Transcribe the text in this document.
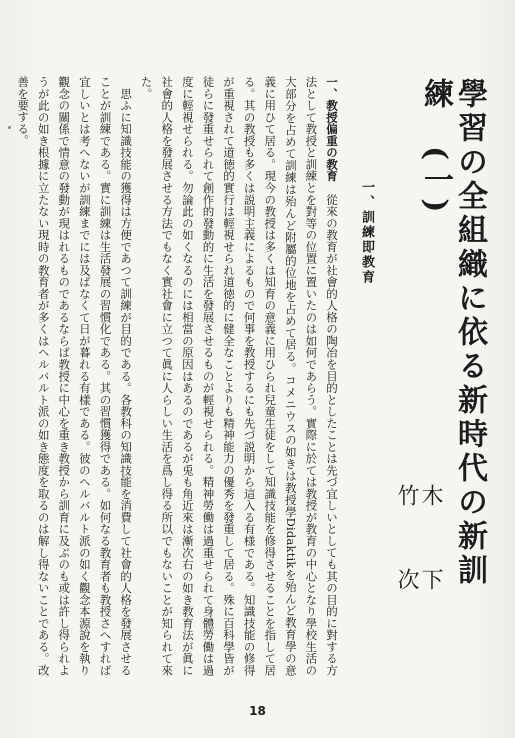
學習の全組織に依る新時代の新訓練　(一)
木　下　竹　次
一、訓練即教育

一、教授偏重の教育　從來の教育が社會的人格の陶冶を目的としたことは先づ宜しいとしても其の目的に對する方法として教授と訓練とを對等の位置に置いたのは如何であらう。實際に於ては教授が教育の中心となり學校生活の大部分を占めて訓練は殆んど附屬的位地を占めて居る。コメニウスの如きは教授學Didaktikを殆んど教育學の意義に用ひて居る。現今の教授は多くは知育の意義に用ひられ兒童生徒をして知識技能を修得させることを指して居る。其の教授も多くは説明主義によるもので何事を教授するにも先づ説明から這入る有様である。知識技能の修得が重視されて道徳的實行は輕視せられ道徳的に健全なことよりも精神能力の優秀を發重して居る。殊に百科學皆が徒らに發重せられて創作的發動的に生活を發展させるものが輕視せられる。精神勞働は過重せられて身體勞働は過度に輕視せられる。勿論此の如くなるのには相當の原因はあるのであるが兎も角近來は漸次右の如き教育法が眞に社會的人格を發展させる方法でもなく實社會に立つて眞に人らしい生活を爲し得る所以でもないことが知られて來た。

　思ふに知識技能の獲得は方便であつて訓練が目的である。各教科の知識技能を消費して社會的人格を發展させることが訓練である。實に訓練は生活發展の習慣化である。其の習慣獲得である。如何なる教育者も教授さへすれば宜しいとは考へないが訓練までには及ばなくて日が暮れる有樣である。彼のヘルバルト派の如く觀念本源說を執り觀念の關係で情意の發動が現はれるものであるならば教授に中心を重き教授から訓育に及ぶのも或は許し得られようが此の如き根據に立たない現時の教育者が多くはヘルバルト派の如き態度を取るのは解し得ないことである。改善を要する。

18
